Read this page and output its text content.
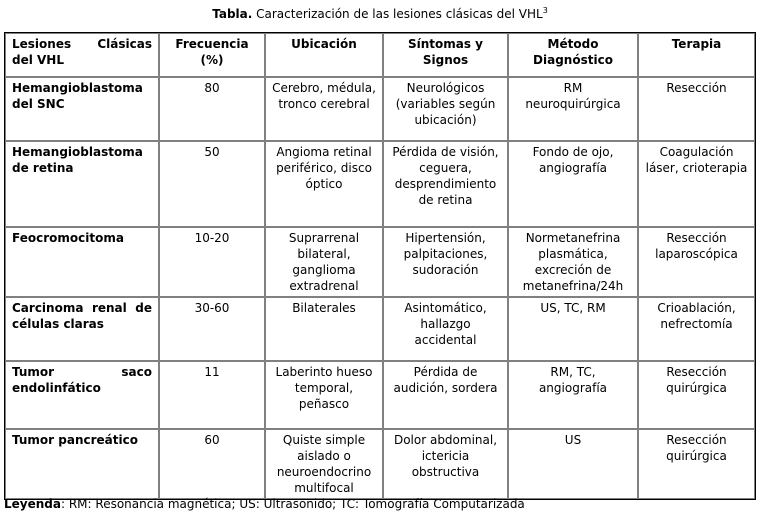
Tabla. Caracterización de las lesiones clásicas del VHL$^3$
Lesiones Clásicas del VHL	Frecuencia (%)	Ubicación	Síntomas y Signos	Método Diagnóstico	Terapia
Hemangioblastoma del SNC	80	Cerebro, médula, tronco cerebral	Neurológicos (variables según ubicación)	RM neuroquirúrgica	Resección
Hemangioblastoma de retina	50	Angioma retinal periférico, disco óptico	Pérdida de visión, ceguera, desprendimiento de retina	Fondo de ojo, angiografía	Coagulación láser, crioterapia
Feocromocitoma	10-20	Suprarrenal bilateral, ganglioma extradrenal	Hipertensión, palpitaciones, sudoración	Normetanefrina plasmática, excreción de metanefrina/24h	Resección laparoscópica
Carcinoma renal de células claras	30-60	Bilaterales	Asintomático, hallazgo accidental	US, TC, RM	Crioablación, nefrectomía
Tumor saco endolinfático	11	Laberinto hueso temporal, peñasco	Pérdida de audición, sordera	RM, TC, angiografía	Resección quirúrgica
Tumor pancreático	60	Quiste simple aislado o neuroendocrino multifocal	Dolor abdominal, ictericia obstructiva	US	Resección quirúrgica
Leyenda: RM: Resonancia magnética; US: Ultrasonido; TC: Tomografía Computarizada
